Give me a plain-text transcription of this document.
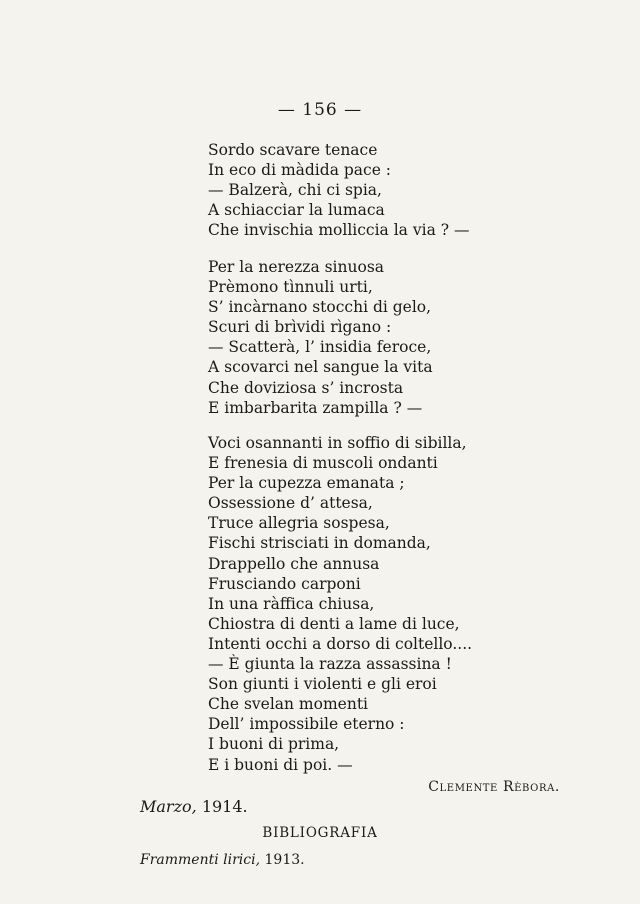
— 156 —
Sordo scavare tenace
In eco di màdida pace :
— Balzerà, chi ci spia,
A schiacciar la lumaca
Che invischia molliccia la via ? —
Per la nerezza sinuosa
Prèmono tìnnuli urti,
S’ incàrnano stocchi di gelo,
Scuri di brìvidi rìgano :
— Scatterà, l’ insidia feroce,
A scovarci nel sangue la vita
Che doviziosa s’ incrosta
E imbarbarita zampilla ? —
Voci osannanti in soffio di sibilla,
E frenesia di muscoli ondanti
Per la cupezza emanata ;
Ossessione d’ attesa,
Truce allegria sospesa,
Fischi strisciati in domanda,
Drappello che annusa
Frusciando carponi
In una ràffica chiusa,
Chiostra di denti a lame di luce,
Intenti occhi a dorso di coltello....
— È giunta la razza assassina !
Son giunti i violenti e gli eroi
Che svelan momenti
Dell’ impossibile eterno :
I buoni di prima,
E i buoni di poi. —
Clemente Rèbora.
Marzo, 1914.
BIBLIOGRAFIA
Frammenti lirici, 1913.
